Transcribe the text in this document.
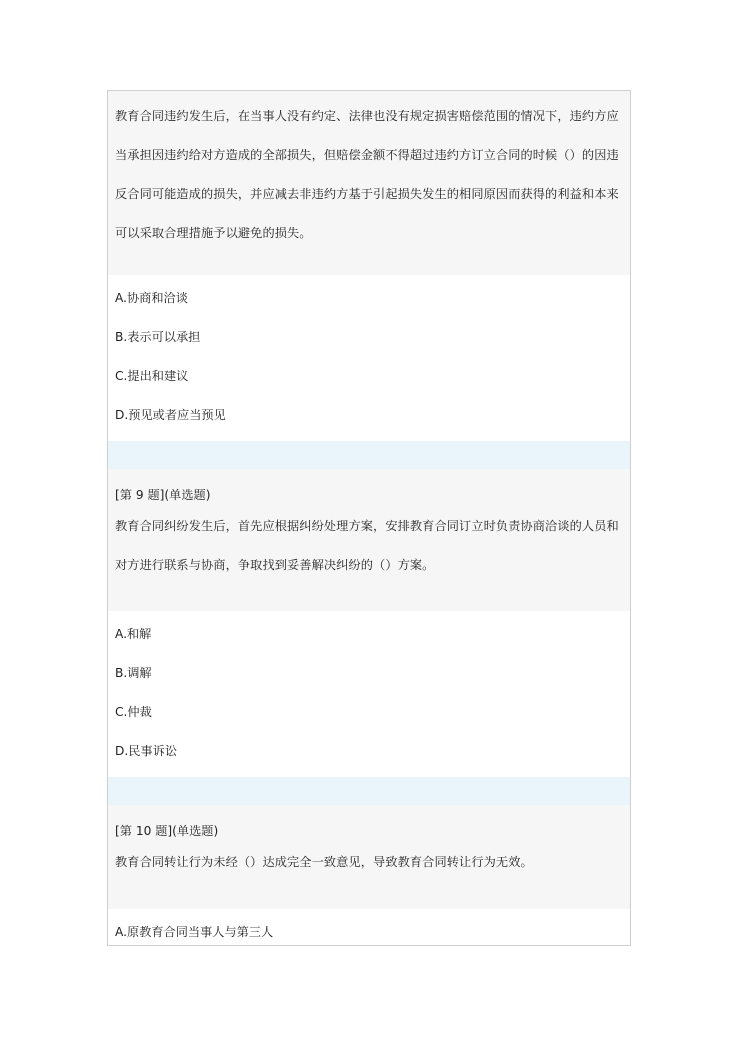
教育合同违约发生后，在当事人没有约定、法律也没有规定损害赔偿范围的情况下，违约方应当承担因违约给对方造成的全部损失，但赔偿金额不得超过违约方订立合同的时候（）的因违反合同可能造成的损失，并应减去非违约方基于引起损失发生的相同原因而获得的利益和本来可以采取合理措施予以避免的损失。

A.协商和洽谈
B.表示可以承担
C.提出和建议
D.预见或者应当预见

[第 9 题](单选题)

教育合同纠纷发生后，首先应根据纠纷处理方案，安排教育合同订立时负责协商洽谈的人员和对方进行联系与协商，争取找到妥善解决纠纷的（）方案。

A.和解
B.调解
C.仲裁
D.民事诉讼

[第 10 题](单选题)

教育合同转让行为未经（）达成完全一致意见，导致教育合同转让行为无效。

A.原教育合同当事人与第三人
